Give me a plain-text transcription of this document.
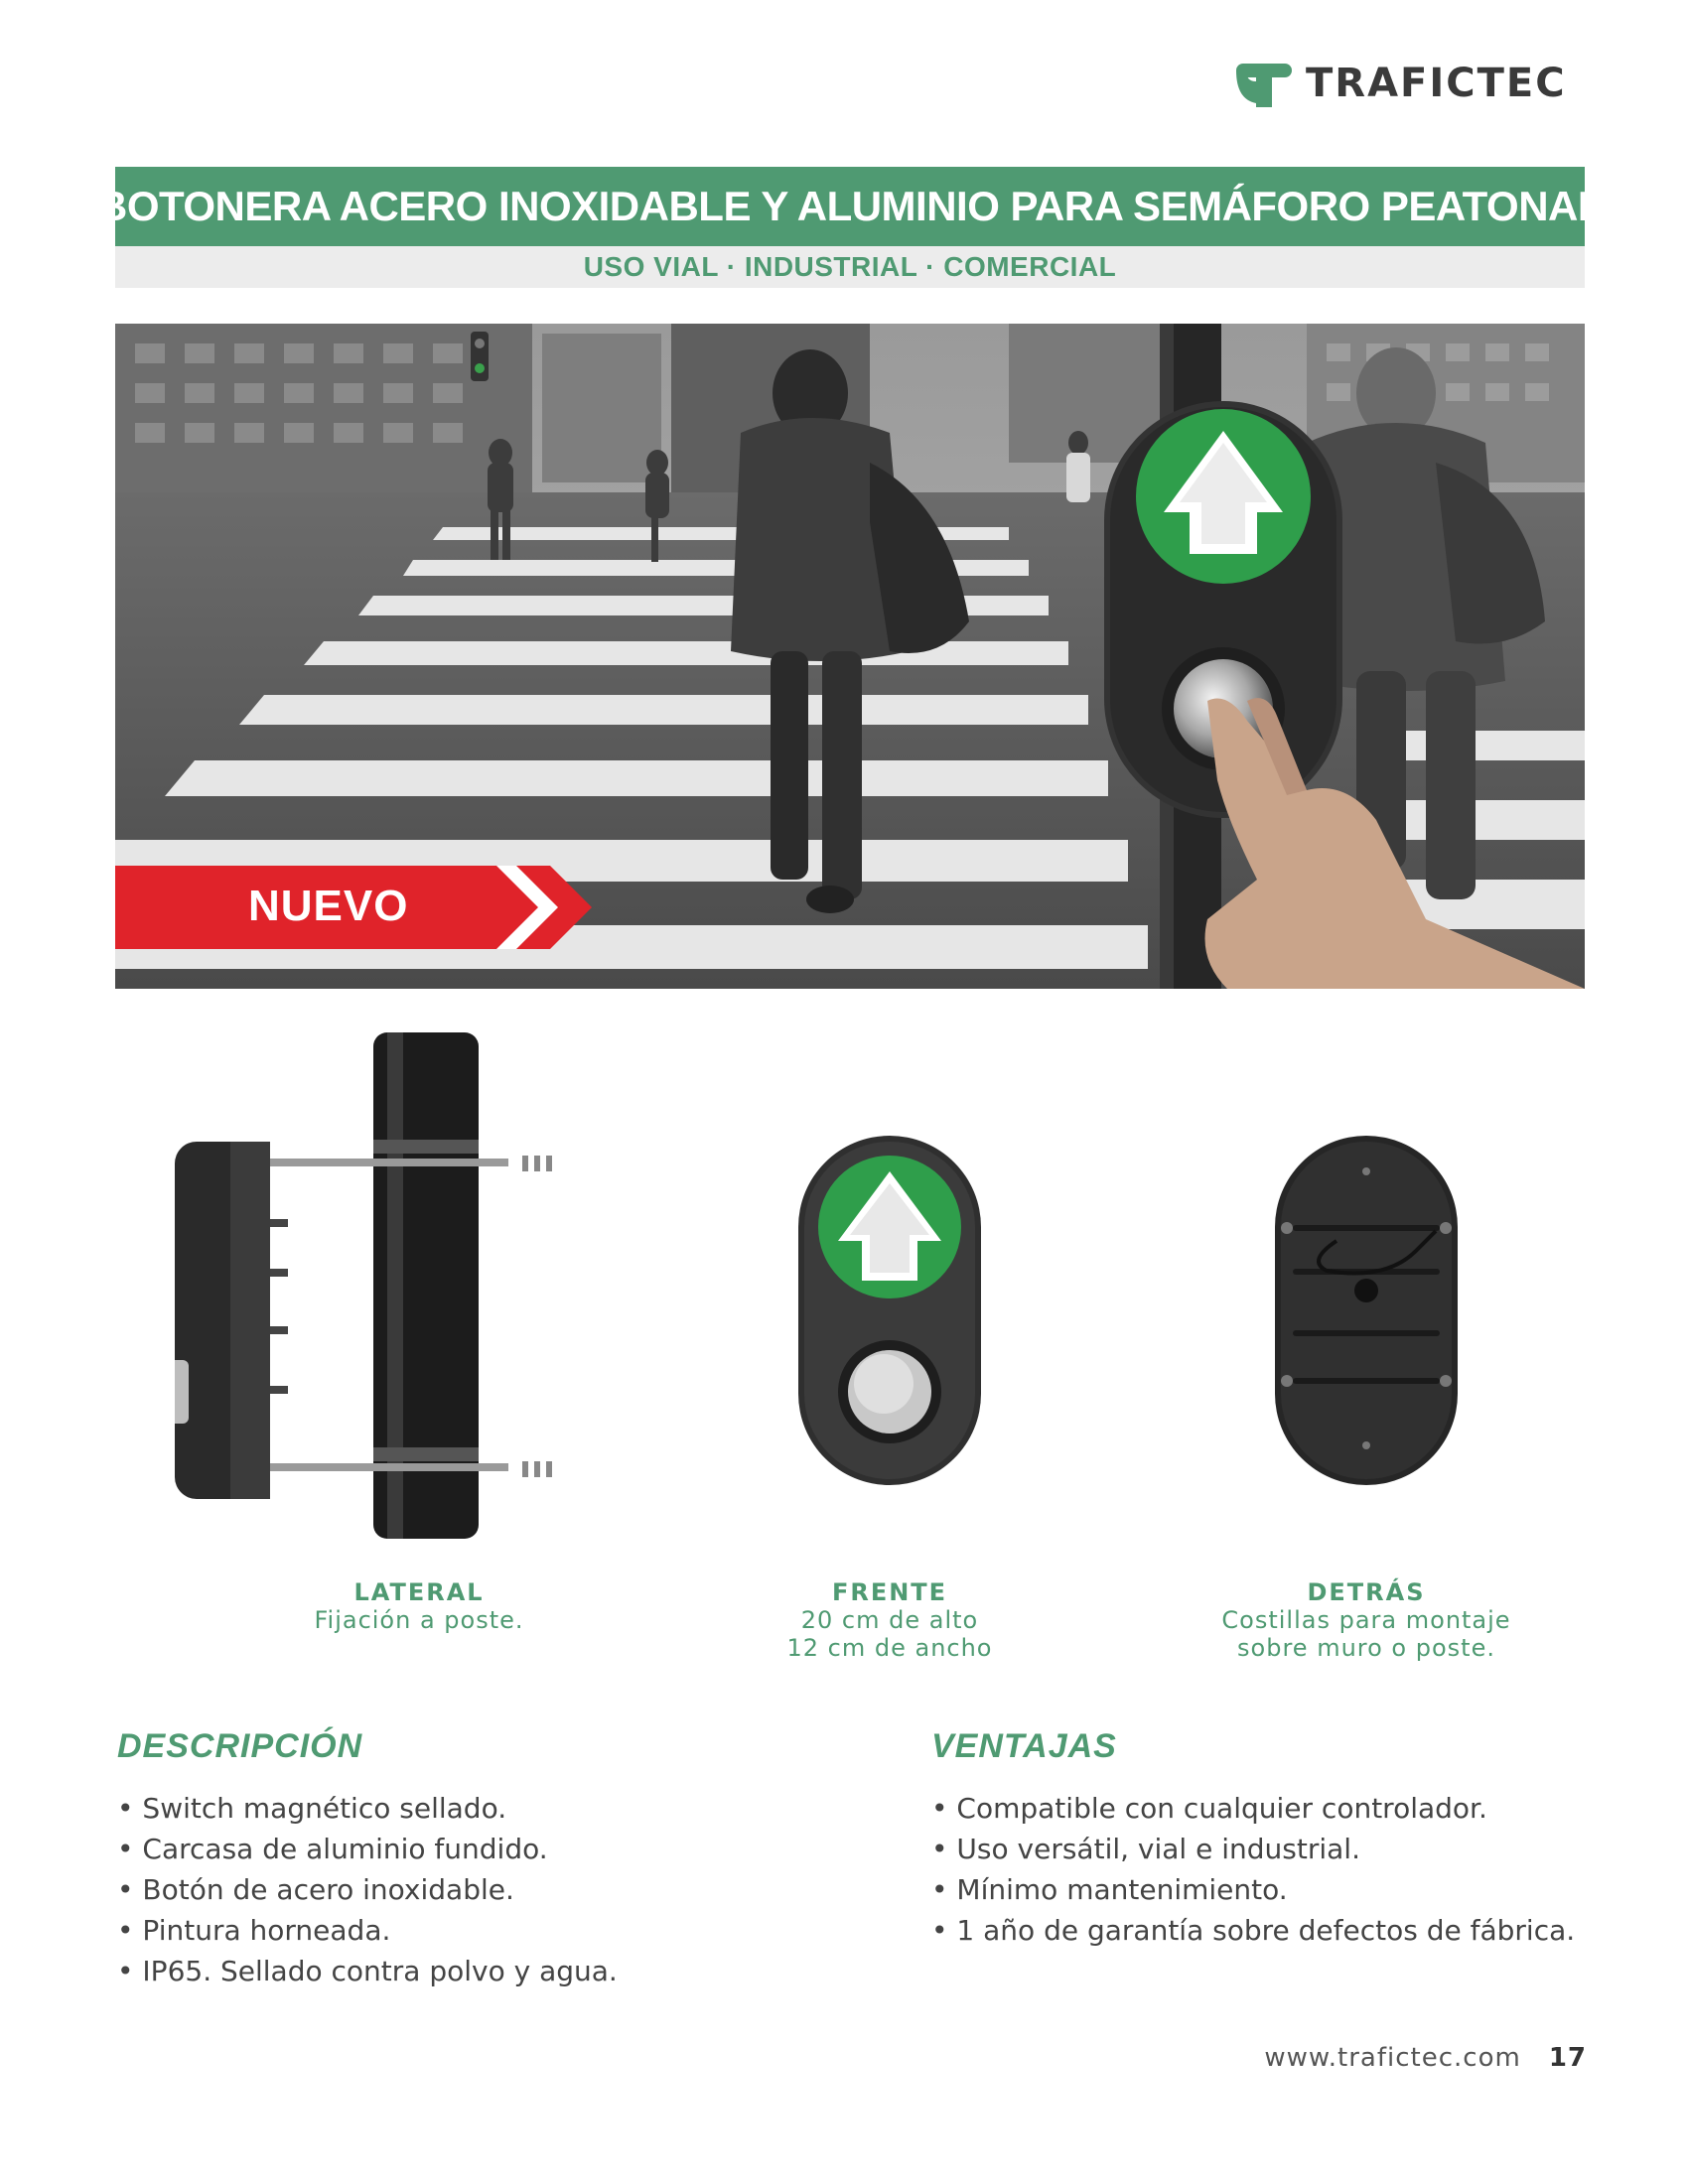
TRAFICTEC
BOTONERA ACERO INOXIDABLE Y ALUMINIO PARA SEMÁFORO PEATONAL
USO VIAL · INDUSTRIAL · COMERCIAL
NUEVO
LATERAL
Fijación a poste.
FRENTE
20 cm de alto
12 cm de ancho
DETRÁS
Costillas para montaje
sobre muro o poste.
DESCRIPCIÓN
• Switch magnético sellado.
• Carcasa de aluminio fundido.
• Botón de acero inoxidable.
• Pintura horneada.
• IP65. Sellado contra polvo y agua.
VENTAJAS
• Compatible con cualquier controlador.
• Uso versátil, vial e industrial.
• Mínimo mantenimiento.
• 1 año de garantía sobre defectos de fábrica.
www.trafictec.com 17
